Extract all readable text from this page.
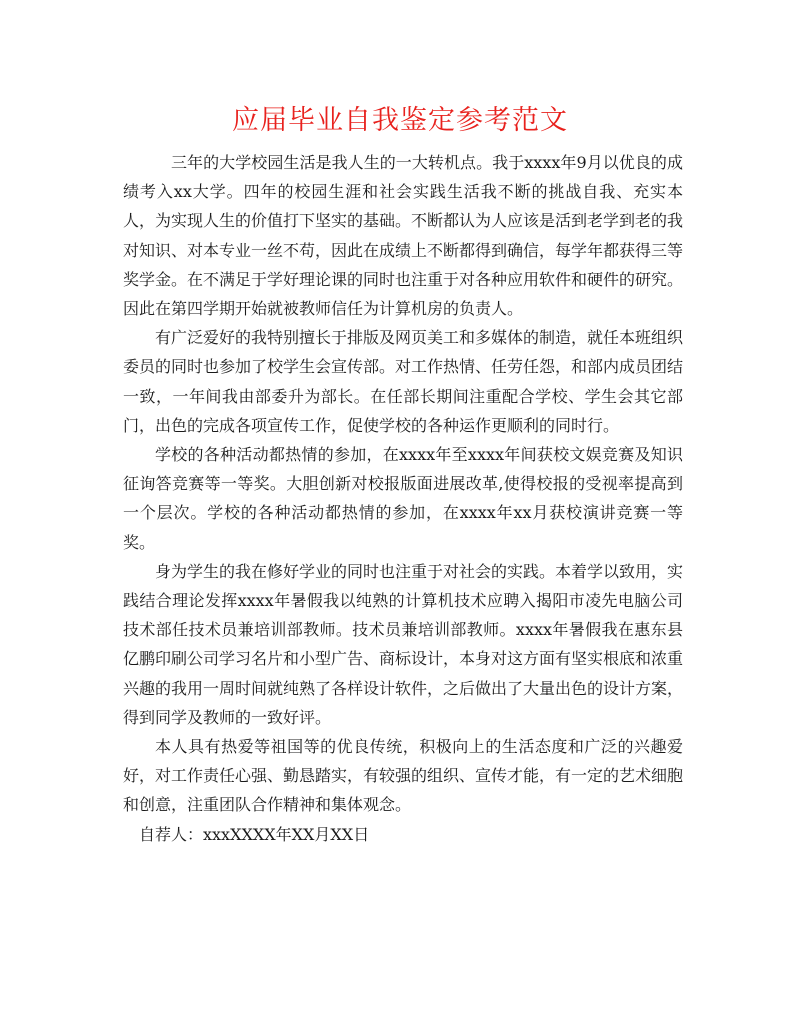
应届毕业自我鉴定参考范文

三年的大学校园生活是我人生的一大转机点。我于xxxx年9月以优良的成绩考入xx大学。四年的校园生涯和社会实践生活我不断的挑战自我、充实本人，为实现人生的价值打下坚实的基础。不断都认为人应该是活到老学到老的我对知识、对本专业一丝不苟，因此在成绩上不断都得到确信，每学年都获得三等奖学金。在不满足于学好理论课的同时也注重于对各种应用软件和硬件的研究。因此在第四学期开始就被教师信任为计算机房的负责人。

有广泛爱好的我特别擅长于排版及网页美工和多媒体的制造，就任本班组织委员的同时也参加了校学生会宣传部。对工作热情、任劳任怨，和部内成员团结一致，一年间我由部委升为部长。在任部长期间注重配合学校、学生会其它部门，出色的完成各项宣传工作，促使学校的各种运作更顺利的同时行。

学校的各种活动都热情的参加，在xxxx年至xxxx年间获校文娱竞赛及知识征询答竞赛等一等奖。大胆创新对校报版面进展改革,使得校报的受视率提高到一个层次。学校的各种活动都热情的参加，在xxxx年xx月获校演讲竞赛一等奖。

身为学生的我在修好学业的同时也注重于对社会的实践。本着学以致用，实践结合理论发挥xxxx年暑假我以纯熟的计算机技术应聘入揭阳市凌先电脑公司技术部任技术员兼培训部教师。技术员兼培训部教师。xxxx年暑假我在惠东县亿鹏印刷公司学习名片和小型广告、商标设计，本身对这方面有坚实根底和浓重兴趣的我用一周时间就纯熟了各样设计软件，之后做出了大量出色的设计方案，得到同学及教师的一致好评。

本人具有热爱等祖国等的优良传统，积极向上的生活态度和广泛的兴趣爱好，对工作责任心强、勤恳踏实，有较强的组织、宣传才能，有一定的艺术细胞和创意，注重团队合作精神和集体观念。

自荐人：xxxXXXX年XX月XX日
